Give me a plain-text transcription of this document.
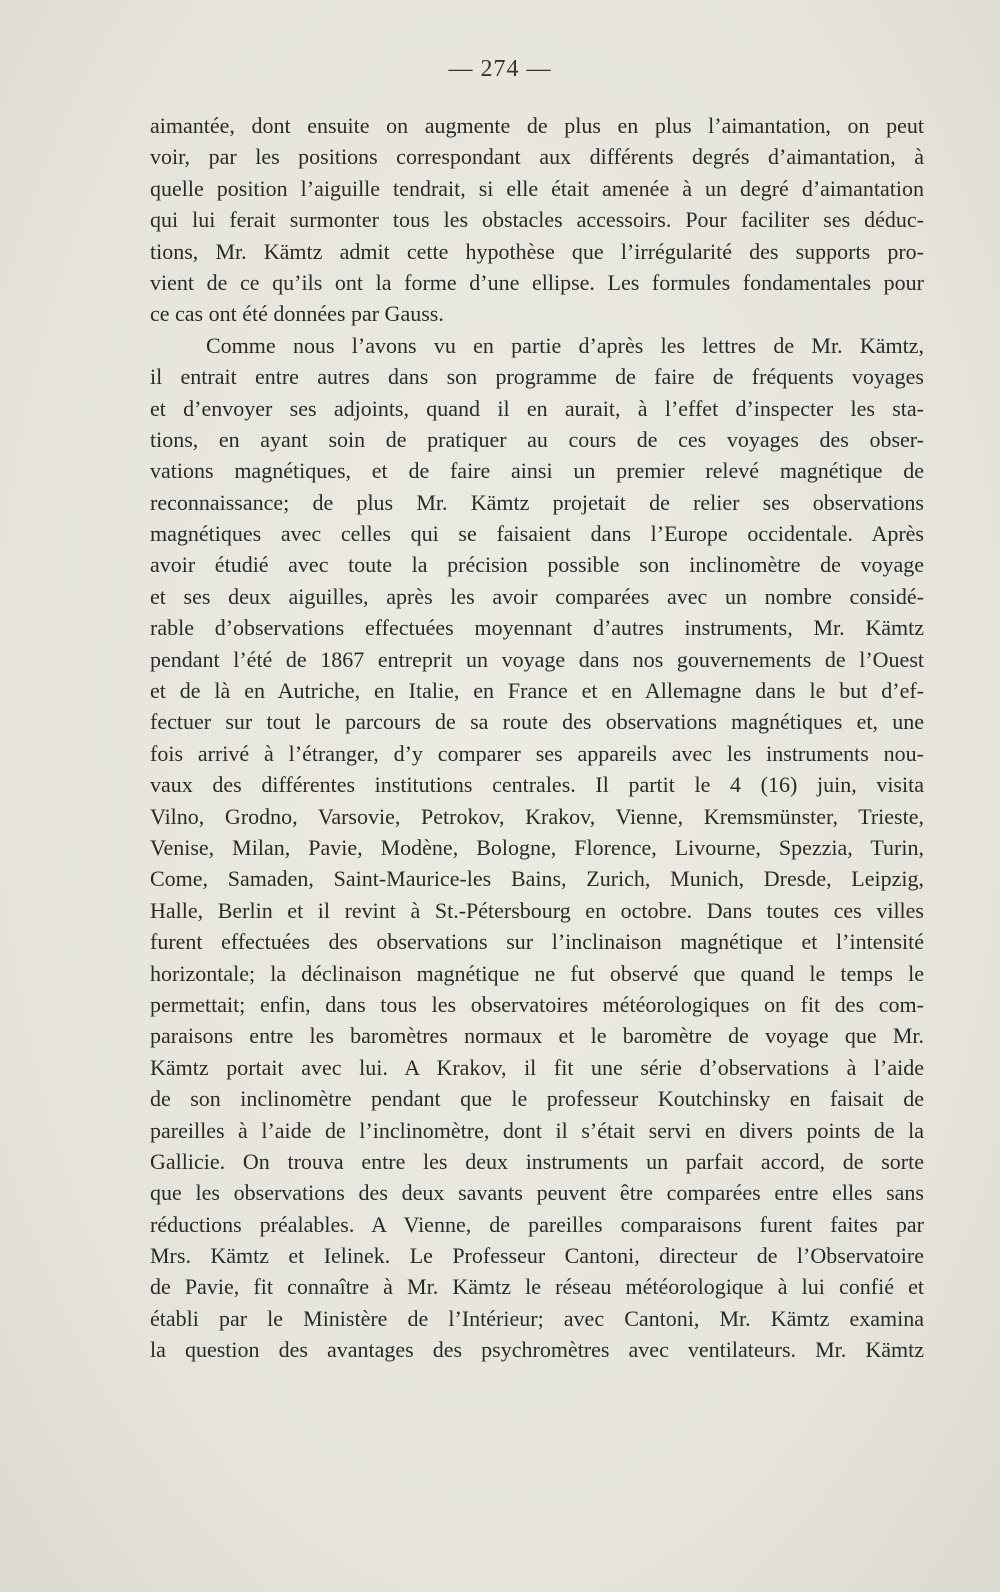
— 274 —
aimantée, dont ensuite on augmente de plus en plus l’aimantation, on peut
voir, par les positions correspondant aux différents degrés d’aimantation, à
quelle position l’aiguille tendrait, si elle était amenée à un degré d’aimantation
qui lui ferait surmonter tous les obstacles accessoirs. Pour faciliter ses déduc-
tions, Mr. Kämtz admit cette hypothèse que l’irrégularité des supports pro-
vient de ce qu’ils ont la forme d’une ellipse. Les formules fondamentales pour
ce cas ont été données par Gauss.
Comme nous l’avons vu en partie d’après les lettres de Mr. Kämtz,
il entrait entre autres dans son programme de faire de fréquents voyages
et d’envoyer ses adjoints, quand il en aurait, à l’effet d’inspecter les sta-
tions, en ayant soin de pratiquer au cours de ces voyages des obser-
vations magnétiques, et de faire ainsi un premier relevé magnétique de
reconnaissance; de plus Mr. Kämtz projetait de relier ses observations
magnétiques avec celles qui se faisaient dans l’Europe occidentale. Après
avoir étudié avec toute la précision possible son inclinomètre de voyage
et ses deux aiguilles, après les avoir comparées avec un nombre considé-
rable d’observations effectuées moyennant d’autres instruments, Mr. Kämtz
pendant l’été de 1867 entreprit un voyage dans nos gouvernements de l’Ouest
et de là en Autriche, en Italie, en France et en Allemagne dans le but d’ef-
fectuer sur tout le parcours de sa route des observations magnétiques et, une
fois arrivé à l’étranger, d’y comparer ses appareils avec les instruments nou-
vaux des différentes institutions centrales. Il partit le 4 (16) juin, visita
Vilno, Grodno, Varsovie, Petrokov, Krakov, Vienne, Kremsmünster, Trieste,
Venise, Milan, Pavie, Modène, Bologne, Florence, Livourne, Spezzia, Turin,
Come, Samaden, Saint-Maurice-les Bains, Zurich, Munich, Dresde, Leipzig,
Halle, Berlin et il revint à St.-Pétersbourg en octobre. Dans toutes ces villes
furent effectuées des observations sur l’inclinaison magnétique et l’intensité
horizontale; la déclinaison magnétique ne fut observé que quand le temps le
permettait; enfin, dans tous les observatoires météorologiques on fit des com-
paraisons entre les baromètres normaux et le baromètre de voyage que Mr.
Kämtz portait avec lui. A Krakov, il fit une série d’observations à l’aide
de son inclinomètre pendant que le professeur Koutchinsky en faisait de
pareilles à l’aide de l’inclinomètre, dont il s’était servi en divers points de la
Gallicie. On trouva entre les deux instruments un parfait accord, de sorte
que les observations des deux savants peuvent être comparées entre elles sans
réductions préalables. A Vienne, de pareilles comparaisons furent faites par
Mrs. Kämtz et Ielinek. Le Professeur Cantoni, directeur de l’Observatoire
de Pavie, fit connaître à Mr. Kämtz le réseau météorologique à lui confié et
établi par le Ministère de l’Intérieur; avec Cantoni, Mr. Kämtz examina
la question des avantages des psychromètres avec ventilateurs. Mr. Kämtz
